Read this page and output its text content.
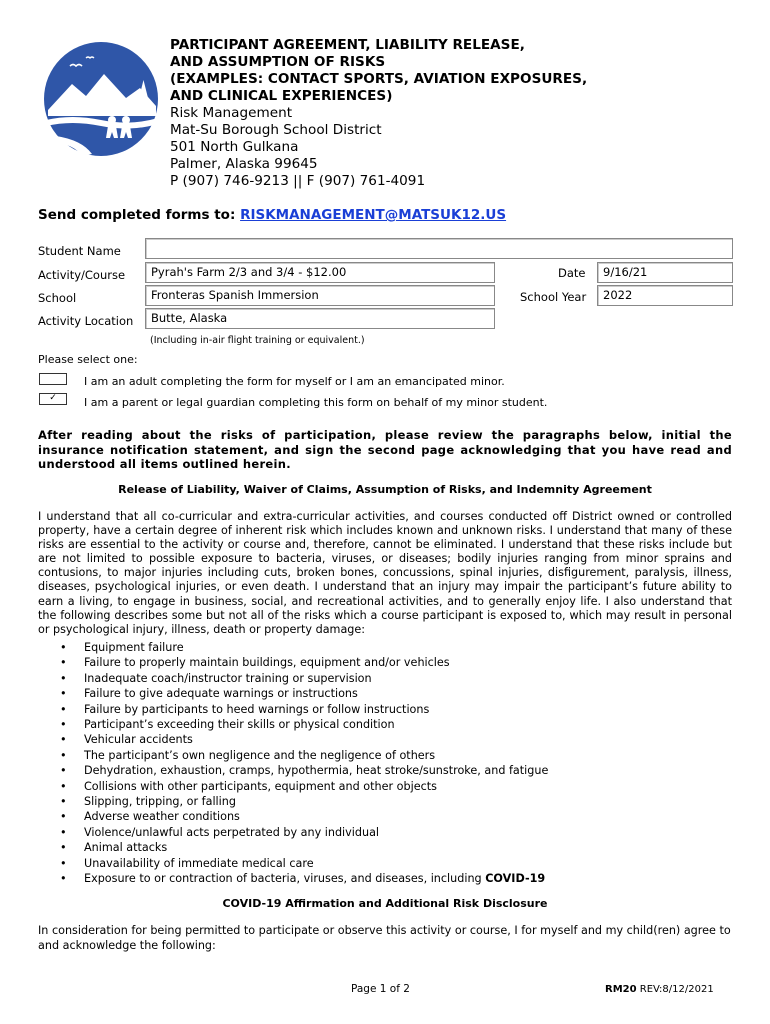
PARTICIPANT AGREEMENT, LIABILITY RELEASE,
AND ASSUMPTION OF RISKS
(EXAMPLES: CONTACT SPORTS, AVIATION EXPOSURES,
AND CLINICAL EXPERIENCES)
Risk Management
Mat-Su Borough School District
501 North Gulkana
Palmer, Alaska 99645
P (907) 746-9213 || F (907) 761-4091
Send completed forms to: RISKMANAGEMENT@MATSUK12.US
Student Name
Activity/Course	Pyrah's Farm 2/3 and 3/4 - $12.00	Date	9/16/21
School	Fronteras Spanish Immersion	School Year	2022
Activity Location	Butte, Alaska
(Including in-air flight training or equivalent.)
Please select one:
I am an adult completing the form for myself or I am an emancipated minor.
✓	I am a parent or legal guardian completing this form on behalf of my minor student.
After reading about the risks of participation, please review the paragraphs below, initial the insurance notification statement, and sign the second page acknowledging that you have read and understood all items outlined herein.
Release of Liability, Waiver of Claims, Assumption of Risks, and Indemnity Agreement
I understand that all co-curricular and extra-curricular activities, and courses conducted off District owned or controlled property, have a certain degree of inherent risk which includes known and unknown risks. I understand that many of these risks are essential to the activity or course and, therefore, cannot be eliminated. I understand that these risks include but are not limited to possible exposure to bacteria, viruses, or diseases; bodily injuries ranging from minor sprains and contusions, to major injuries including cuts, broken bones, concussions, spinal injuries, disfigurement, paralysis, illness, diseases, psychological injuries, or even death. I understand that an injury may impair the participant’s future ability to earn a living, to engage in business, social, and recreational activities, and to generally enjoy life. I also understand that the following describes some but not all of the risks which a course participant is exposed to, which may result in personal or psychological injury, illness, death or property damage:
• Equipment failure
• Failure to properly maintain buildings, equipment and/or vehicles
• Inadequate coach/instructor training or supervision
• Failure to give adequate warnings or instructions
• Failure by participants to heed warnings or follow instructions
• Participant’s exceeding their skills or physical condition
• Vehicular accidents
• The participant’s own negligence and the negligence of others
• Dehydration, exhaustion, cramps, hypothermia, heat stroke/sunstroke, and fatigue
• Collisions with other participants, equipment and other objects
• Slipping, tripping, or falling
• Adverse weather conditions
• Violence/unlawful acts perpetrated by any individual
• Animal attacks
• Unavailability of immediate medical care
• Exposure to or contraction of bacteria, viruses, and diseases, including COVID-19
COVID-19 Affirmation and Additional Risk Disclosure
In consideration for being permitted to participate or observe this activity or course, I for myself and my child(ren) agree to and acknowledge the following:
Page 1 of 2	RM20 REV:8/12/2021
